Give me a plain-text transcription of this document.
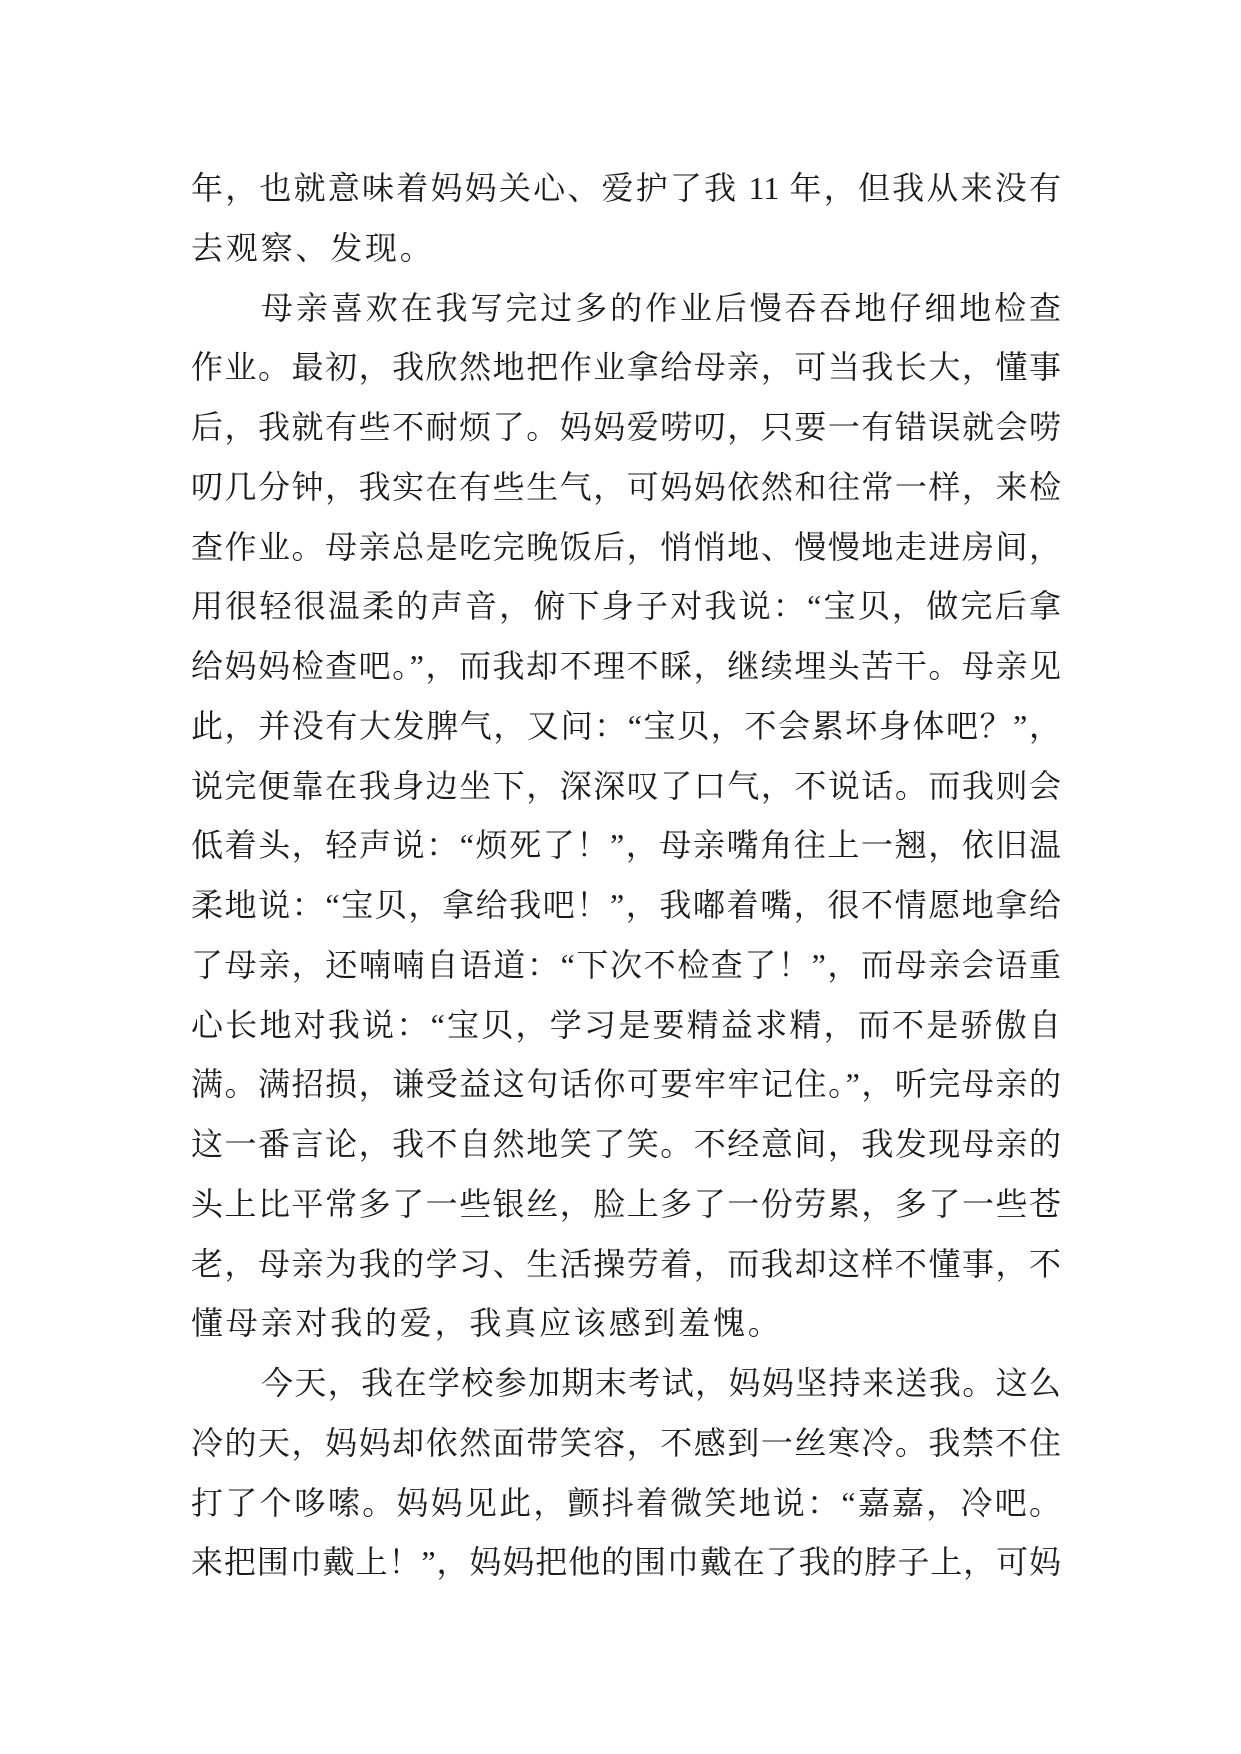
年，也就意味着妈妈关心、爱护了我 11 年，但我从来没有
去观察、发现。
母亲喜欢在我写完过多的作业后慢吞吞地仔细地检查
作业。最初，我欣然地把作业拿给母亲，可当我长大，懂事
后，我就有些不耐烦了。妈妈爱唠叨，只要一有错误就会唠
叨几分钟，我实在有些生气，可妈妈依然和往常一样，来检
查作业。母亲总是吃完晚饭后，悄悄地、慢慢地走进房间，
用很轻很温柔的声音，俯下身子对我说：“宝贝，做完后拿
给妈妈检查吧。”，而我却不理不睬，继续埋头苦干。母亲见
此，并没有大发脾气，又问：“宝贝，不会累坏身体吧？”，
说完便靠在我身边坐下，深深叹了口气，不说话。而我则会
低着头，轻声说：“烦死了！”，母亲嘴角往上一翘，依旧温
柔地说：“宝贝，拿给我吧！”，我嘟着嘴，很不情愿地拿给
了母亲，还喃喃自语道：“下次不检查了！”，而母亲会语重
心长地对我说：“宝贝，学习是要精益求精，而不是骄傲自
满。满招损，谦受益这句话你可要牢牢记住。”，听完母亲的
这一番言论，我不自然地笑了笑。不经意间，我发现母亲的
头上比平常多了一些银丝，脸上多了一份劳累，多了一些苍
老，母亲为我的学习、生活操劳着，而我却这样不懂事，不
懂母亲对我的爱，我真应该感到羞愧。
今天，我在学校参加期末考试，妈妈坚持来送我。这么
冷的天，妈妈却依然面带笑容，不感到一丝寒冷。我禁不住
打了个哆嗦。妈妈见此，颤抖着微笑地说：“嘉嘉，冷吧。
来把围巾戴上！”，妈妈把他的围巾戴在了我的脖子上，可妈
